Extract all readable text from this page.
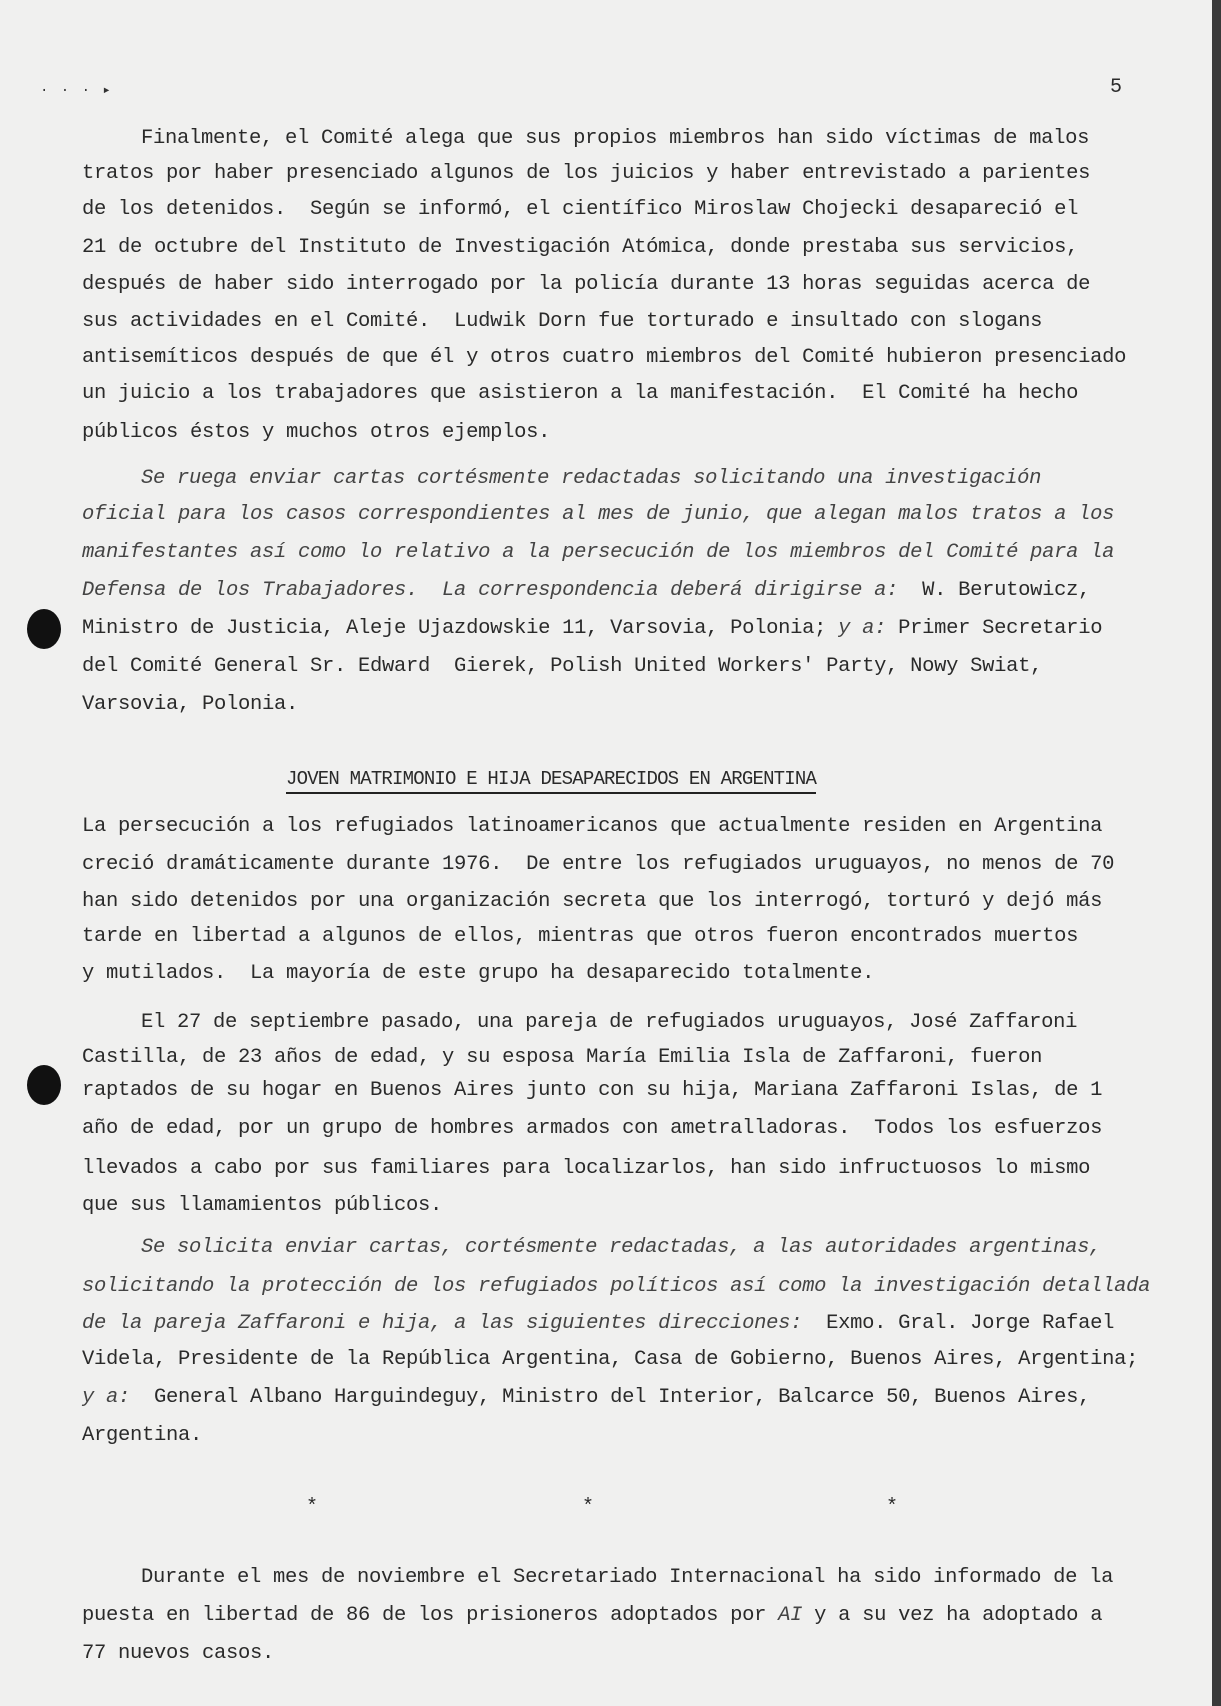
· · · ▸	5
JOVEN MATRIMONIO E HIJA DESAPARECIDOS EN ARGENTINA
*	*	*
Finalmente, el Comité alega que sus propios miembros han sido víctimas de malos
tratos por haber presenciado algunos de los juicios y haber entrevistado a parientes
de los detenidos.  Según se informó, el científico Miroslaw Chojecki desapareció el
21 de octubre del Instituto de Investigación Atómica, donde prestaba sus servicios,
después de haber sido interrogado por la policía durante 13 horas seguidas acerca de
sus actividades en el Comité.  Ludwik Dorn fue torturado e insultado con slogans
antisemíticos después de que él y otros cuatro miembros del Comité hubieron presenciado
un juicio a los trabajadores que asistieron a la manifestación.  El Comité ha hecho
públicos éstos y muchos otros ejemplos.
Se ruega enviar cartas cortésmente redactadas solicitando una investigación
oficial para los casos correspondientes al mes de junio, que alegan malos tratos a los
manifestantes así como lo relativo a la persecución de los miembros del Comité para la
Defensa de los Trabajadores.  La correspondencia deberá dirigirse a:  W. Berutowicz,
Ministro de Justicia, Aleje Ujazdowskie 11, Varsovia, Polonia; y a: Primer Secretario
del Comité General Sr. Edward  Gierek, Polish United Workers' Party, Nowy Swiat,
Varsovia, Polonia.
La persecución a los refugiados latinoamericanos que actualmente residen en Argentina
creció dramáticamente durante 1976.  De entre los refugiados uruguayos, no menos de 70
han sido detenidos por una organización secreta que los interrogó, torturó y dejó más
tarde en libertad a algunos de ellos, mientras que otros fueron encontrados muertos
y mutilados.  La mayoría de este grupo ha desaparecido totalmente.
El 27 de septiembre pasado, una pareja de refugiados uruguayos, José Zaffaroni
Castilla, de 23 años de edad, y su esposa María Emilia Isla de Zaffaroni, fueron
raptados de su hogar en Buenos Aires junto con su hija, Mariana Zaffaroni Islas, de 1
año de edad, por un grupo de hombres armados con ametralladoras.  Todos los esfuerzos
llevados a cabo por sus familiares para localizarlos, han sido infructuosos lo mismo
que sus llamamientos públicos.
Se solicita enviar cartas, cortésmente redactadas, a las autoridades argentinas,
solicitando la protección de los refugiados políticos así como la investigación detallada
de la pareja Zaffaroni e hija, a las siguientes direcciones:  Exmo. Gral. Jorge Rafael
Videla, Presidente de la República Argentina, Casa de Gobierno, Buenos Aires, Argentina;
y a:  General Albano Harguindeguy, Ministro del Interior, Balcarce 50, Buenos Aires,
Argentina.
Durante el mes de noviembre el Secretariado Internacional ha sido informado de la
puesta en libertad de 86 de los prisioneros adoptados por AI y a su vez ha adoptado a
77 nuevos casos.
